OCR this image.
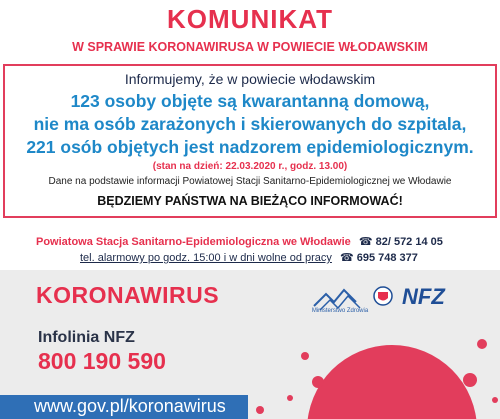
KOMUNIKAT
W SPRAWIE KORONAWIRUSA W POWIECIE WŁODAWSKIM
Informujemy, że w powiecie włodawskim
123 osoby objęte są kwarantanną domową,
nie ma osób zarażonych i skierowanych do szpitala,
221 osób objętych jest nadzorem epidemiologicznym.
(stan na dzień: 22.03.2020 r., godz. 13.00)
Dane na podstawie informacji Powiatowej Stacji Sanitarno-Epidemiologicznej we Włodawie
BĘDZIEMY PAŃSTWA NA BIEŻĄCO INFORMOWAĆ!
Powiatowa Stacja Sanitarno-Epidemiologiczna we Włodawie ☎ 82/ 572 14 05
tel. alarmowy po godz. 15:00 i w dni wolne od pracy ☎ 695 748 377
KORONAWIRUS
Infolinia NFZ
800 190 590
www.gov.pl/koronawirus
Ministerstwo Zdrowia
NFZ
